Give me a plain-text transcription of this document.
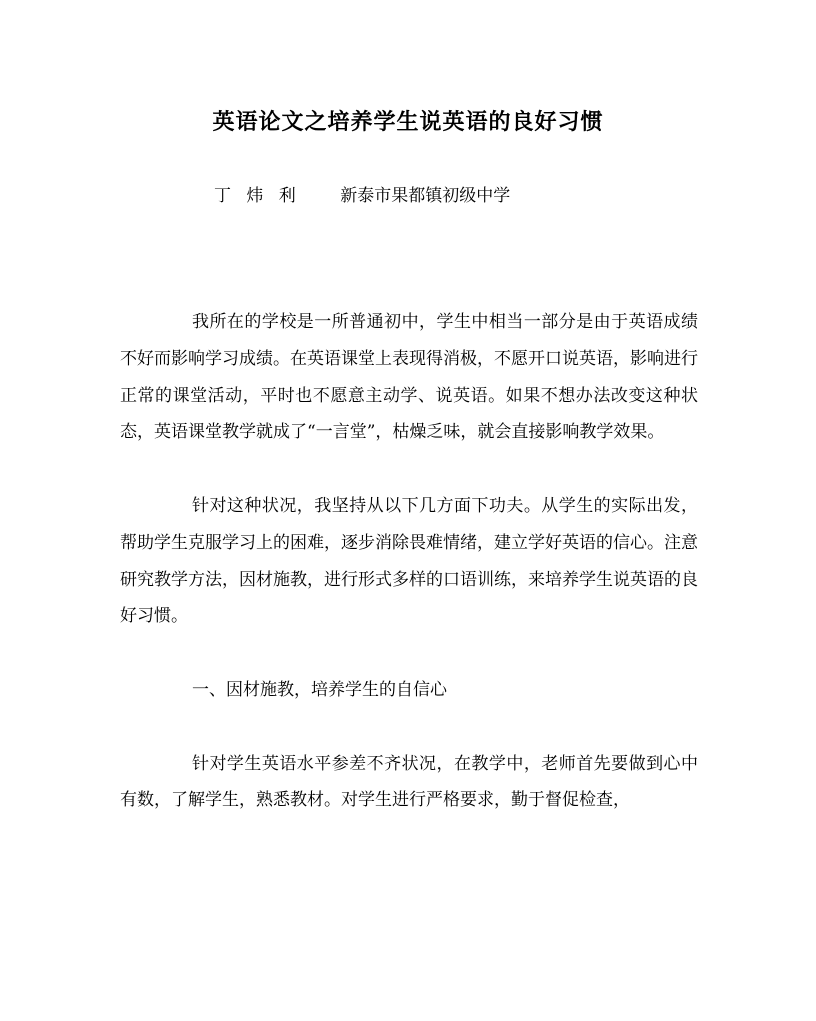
英语论文之培养学生说英语的良好习惯
丁 炜 利 新泰市果都镇初级中学

我所在的学校是一所普通初中，学生中相当一部分是由于英语成绩不好而影响学习成绩。在英语课堂上表现得消极，不愿开口说英语，影响进行正常的课堂活动，平时也不愿意主动学、说英语。如果不想办法改变这种状态，英语课堂教学就成了“一言堂”，枯燥乏味，就会直接影响教学效果。

针对这种状况，我坚持从以下几方面下功夫。从学生的实际出发，帮助学生克服学习上的困难，逐步消除畏难情绪，建立学好英语的信心。注意研究教学方法，因材施教，进行形式多样的口语训练，来培养学生说英语的良好习惯。

一、因材施教，培养学生的自信心

针对学生英语水平参差不齐状况，在教学中，老师首先要做到心中有数，了解学生，熟悉教材。对学生进行严格要求，勤于督促检查，
